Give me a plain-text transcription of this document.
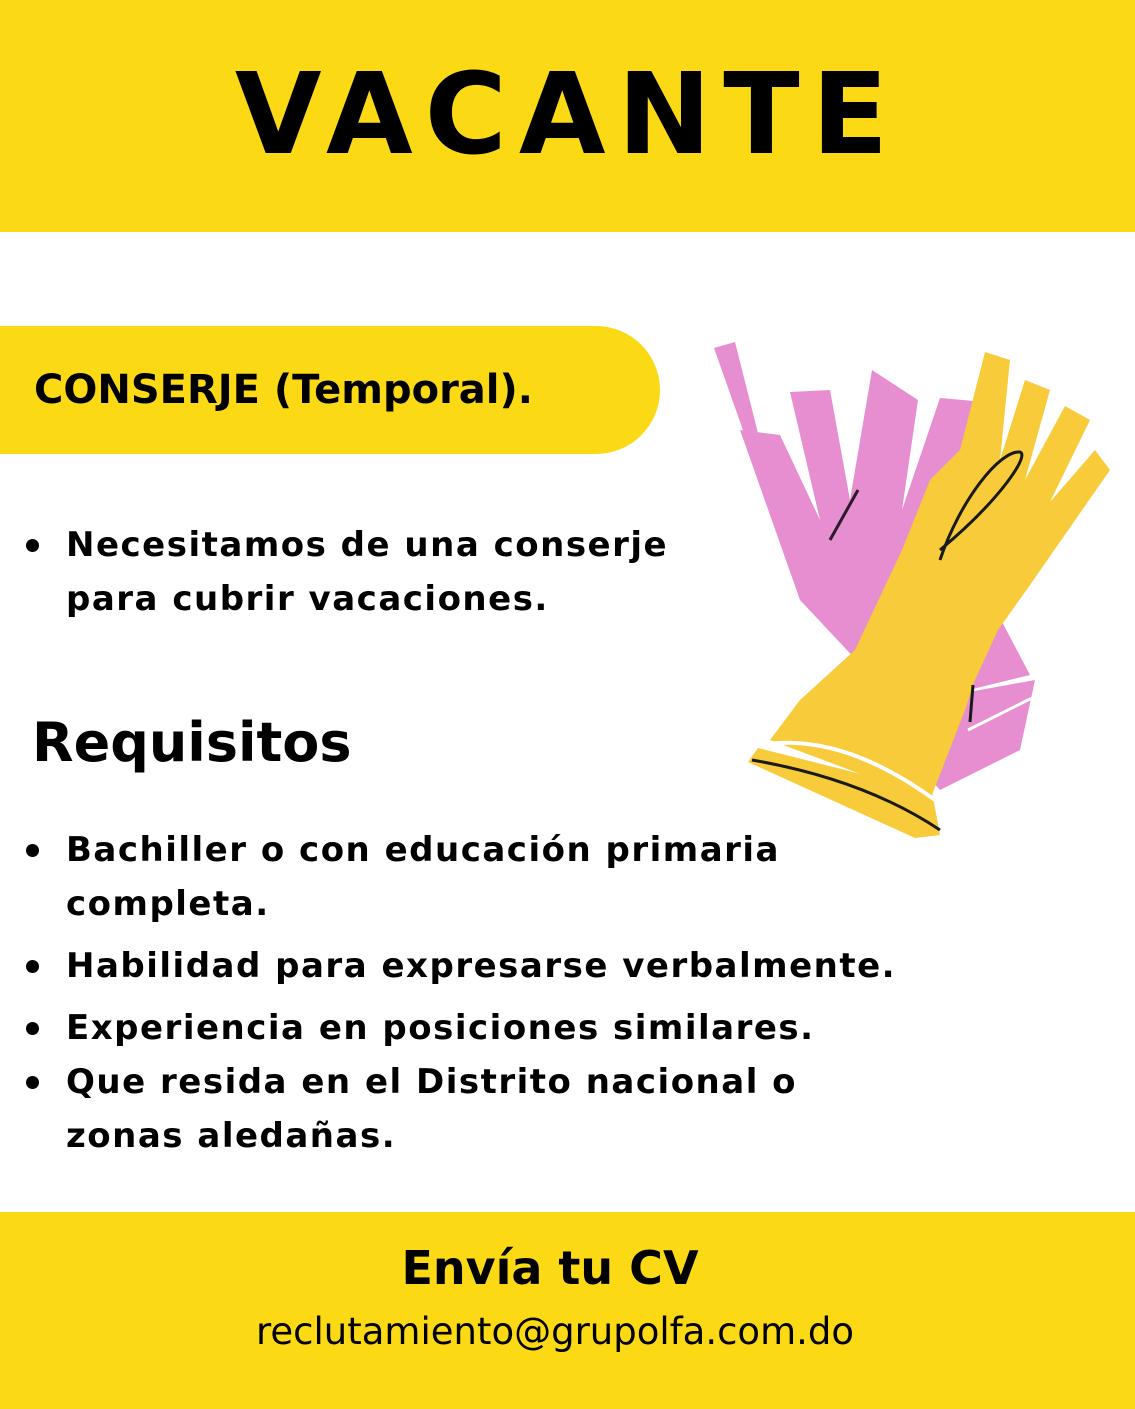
VACANTE
CONSERJE (Temporal).
Necesitamos de una conserje
para cubrir vacaciones.
Requisitos
Bachiller o con educación primaria
completa.
Habilidad para expresarse verbalmente.
Experiencia en posiciones similares.
Que resida en el Distrito nacional o
zonas aledañas.
Envía tu CV
reclutamiento@grupolfa.com.do
